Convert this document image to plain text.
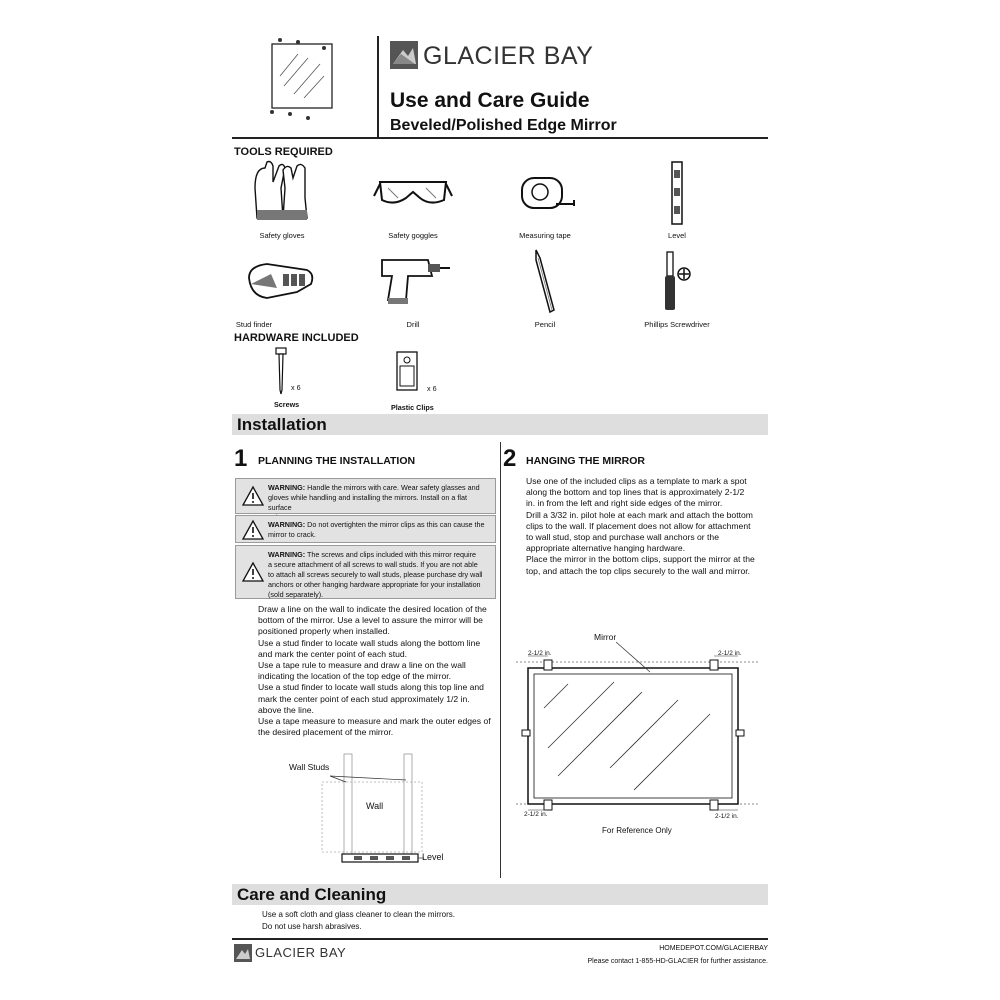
GLACIER BAY
Use and Care Guide
Beveled/Polished Edge Mirror
TOOLS REQUIRED
Safety gloves	Safety goggles	Measuring tape	Level
Stud finder	Drill	Pencil	Phillips Screwdriver
HARDWARE INCLUDED
x 6
Screws
x 6
Plastic Clips
Installation
1 PLANNING THE INSTALLATION
WARNING: Handle the mirrors with care. Wear safety glasses and
gloves while handling and installing the mirrors. Install on a flat surface
WARNING: Do not overtighten the mirror clips as this can cause the
mirror to crack.
WARNING: The screws and clips included with this mirror require
a secure attachment of all screws to wall studs. If you are not able
to attach all screws securely to wall studs, please purchase dry wall
anchors or other hanging hardware appropriate for your installation
(sold separately).
Draw a line on the wall to indicate the desired location of the
bottom of the mirror. Use a level to assure the mirror will be
positioned properly when installed.
Use a stud finder to locate wall studs along the bottom line
and mark the center point of each stud.
Use a tape rule to measure and draw a line on the wall
indicating the location of the top edge of the mirror.
Use a stud finder to locate wall studs along this top line and
mark the center point of each stud approximately 1/2 in.
above the line.
Use a tape measure to measure and mark the outer edges of
the desired placement of the mirror.
Wall Studs
Wall
Level
2 HANGING THE MIRROR
Use one of the included clips as a template to mark a spot
along the bottom and top lines that is approximately 2-1/2
in. in from the left and right side edges of the mirror.
Drill a 3/32 in. pilot hole at each mark and attach the bottom
clips to the wall. If placement does not allow for attachment
to wall stud, stop and purchase wall anchors or the
appropriate alternative hanging hardware.
Place the mirror in the bottom clips, support the mirror at the
top, and attach the top clips securely to the wall and mirror.
Mirror
2-1/2 in.	2-1/2 in.
2-1/2 in.	2-1/2 in.
For Reference Only
Care and Cleaning
Use a soft cloth and glass cleaner to clean the mirrors.
Do not use harsh abrasives.
GLACIER BAY	HOMEDEPOT.COM/GLACIERBAY
Please contact 1-855-HD-GLACIER for further assistance.
